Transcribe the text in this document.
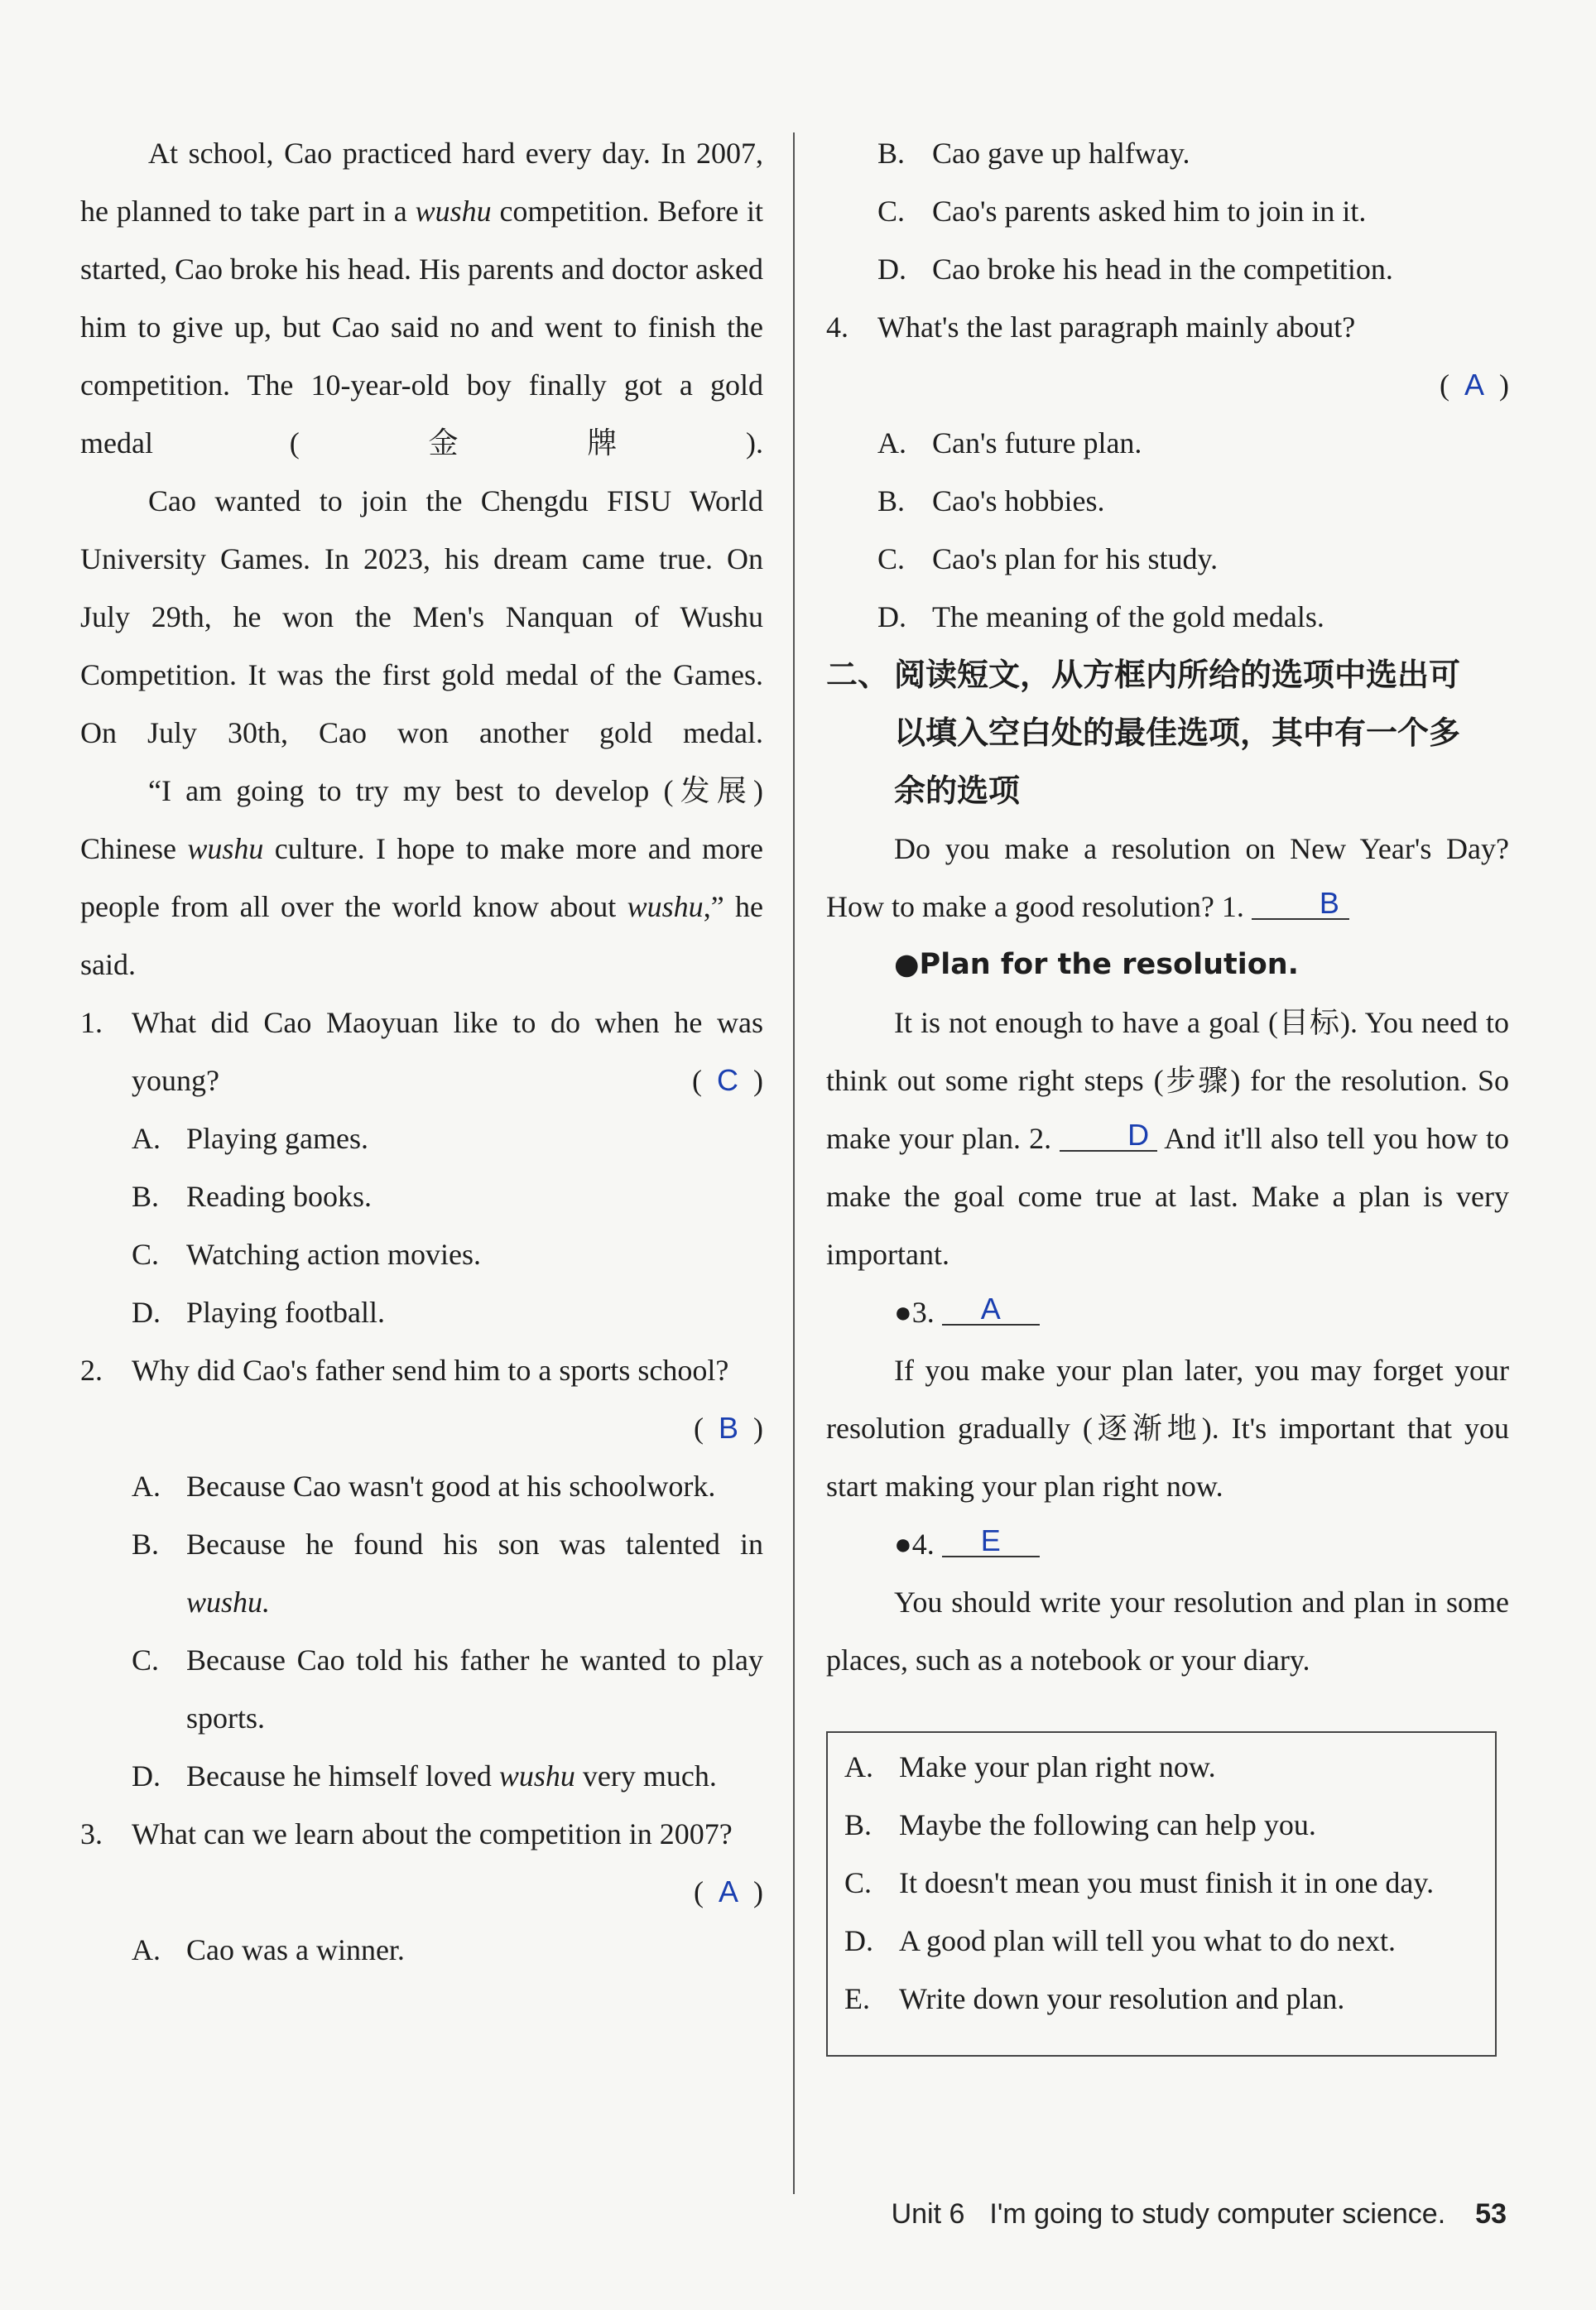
At school, Cao practiced hard every day. In 2007, he planned to take part in a wushu competition. Before it started, Cao broke his head. His parents and doctor asked him to give up, but Cao said no and went to finish the competition. The 10-year-old boy finally got a gold medal (金牌).
Cao wanted to join the Chengdu FISU World University Games. In 2023, his dream came true. On July 29th, he won the Men's Nanquan of Wushu Competition. It was the first gold medal of the Games. On July 30th, Cao won another gold medal.
“I am going to try my best to develop (发展) Chinese wushu culture. I hope to make more and more people from all over the world know about wushu,” he said.
1. What did Cao Maoyuan like to do when he was young?	( C )
A. Playing games.
B. Reading books.
C. Watching action movies.
D. Playing football.
2. Why did Cao's father send him to a sports school?
( B )
A. Because Cao wasn't good at his schoolwork.
B. Because he found his son was talented in wushu.
C. Because Cao told his father he wanted to play sports.
D. Because he himself loved wushu very much.
3. What can we learn about the competition in 2007?
( A )
A. Cao was a winner.
B. Cao gave up halfway.
C. Cao's parents asked him to join in it.
D. Cao broke his head in the competition.
4. What's the last paragraph mainly about?
( A )
A. Can's future plan.
B. Cao's hobbies.
C. Cao's plan for his study.
D. The meaning of the gold medals.
二、 阅读短文，从方框内所给的选项中选出可
以填入空白处的最佳选项，其中有一个多
余的选项
Do you make a resolution on New Year's Day? How to make a good resolution? 1.	B
●Plan for the resolution.
It is not enough to have a goal (目标). You need to think out some right steps (步骤) for the resolution. So make your plan. 2.	D And it'll also tell you how to make the goal come true at last. Make a plan is very important.
●3. A
If you make your plan later, you may forget your resolution gradually (逐渐地). It's important that you start making your plan right now.
●4. E
You should write your resolution and plan in some places, such as a notebook or your diary.
A. Make your plan right now.
B. Maybe the following can help you.
C. It doesn't mean you must finish it in one day.
D. A good plan will tell you what to do next.
E. Write down your resolution and plan.
Unit 6 I'm going to study computer science. 53
